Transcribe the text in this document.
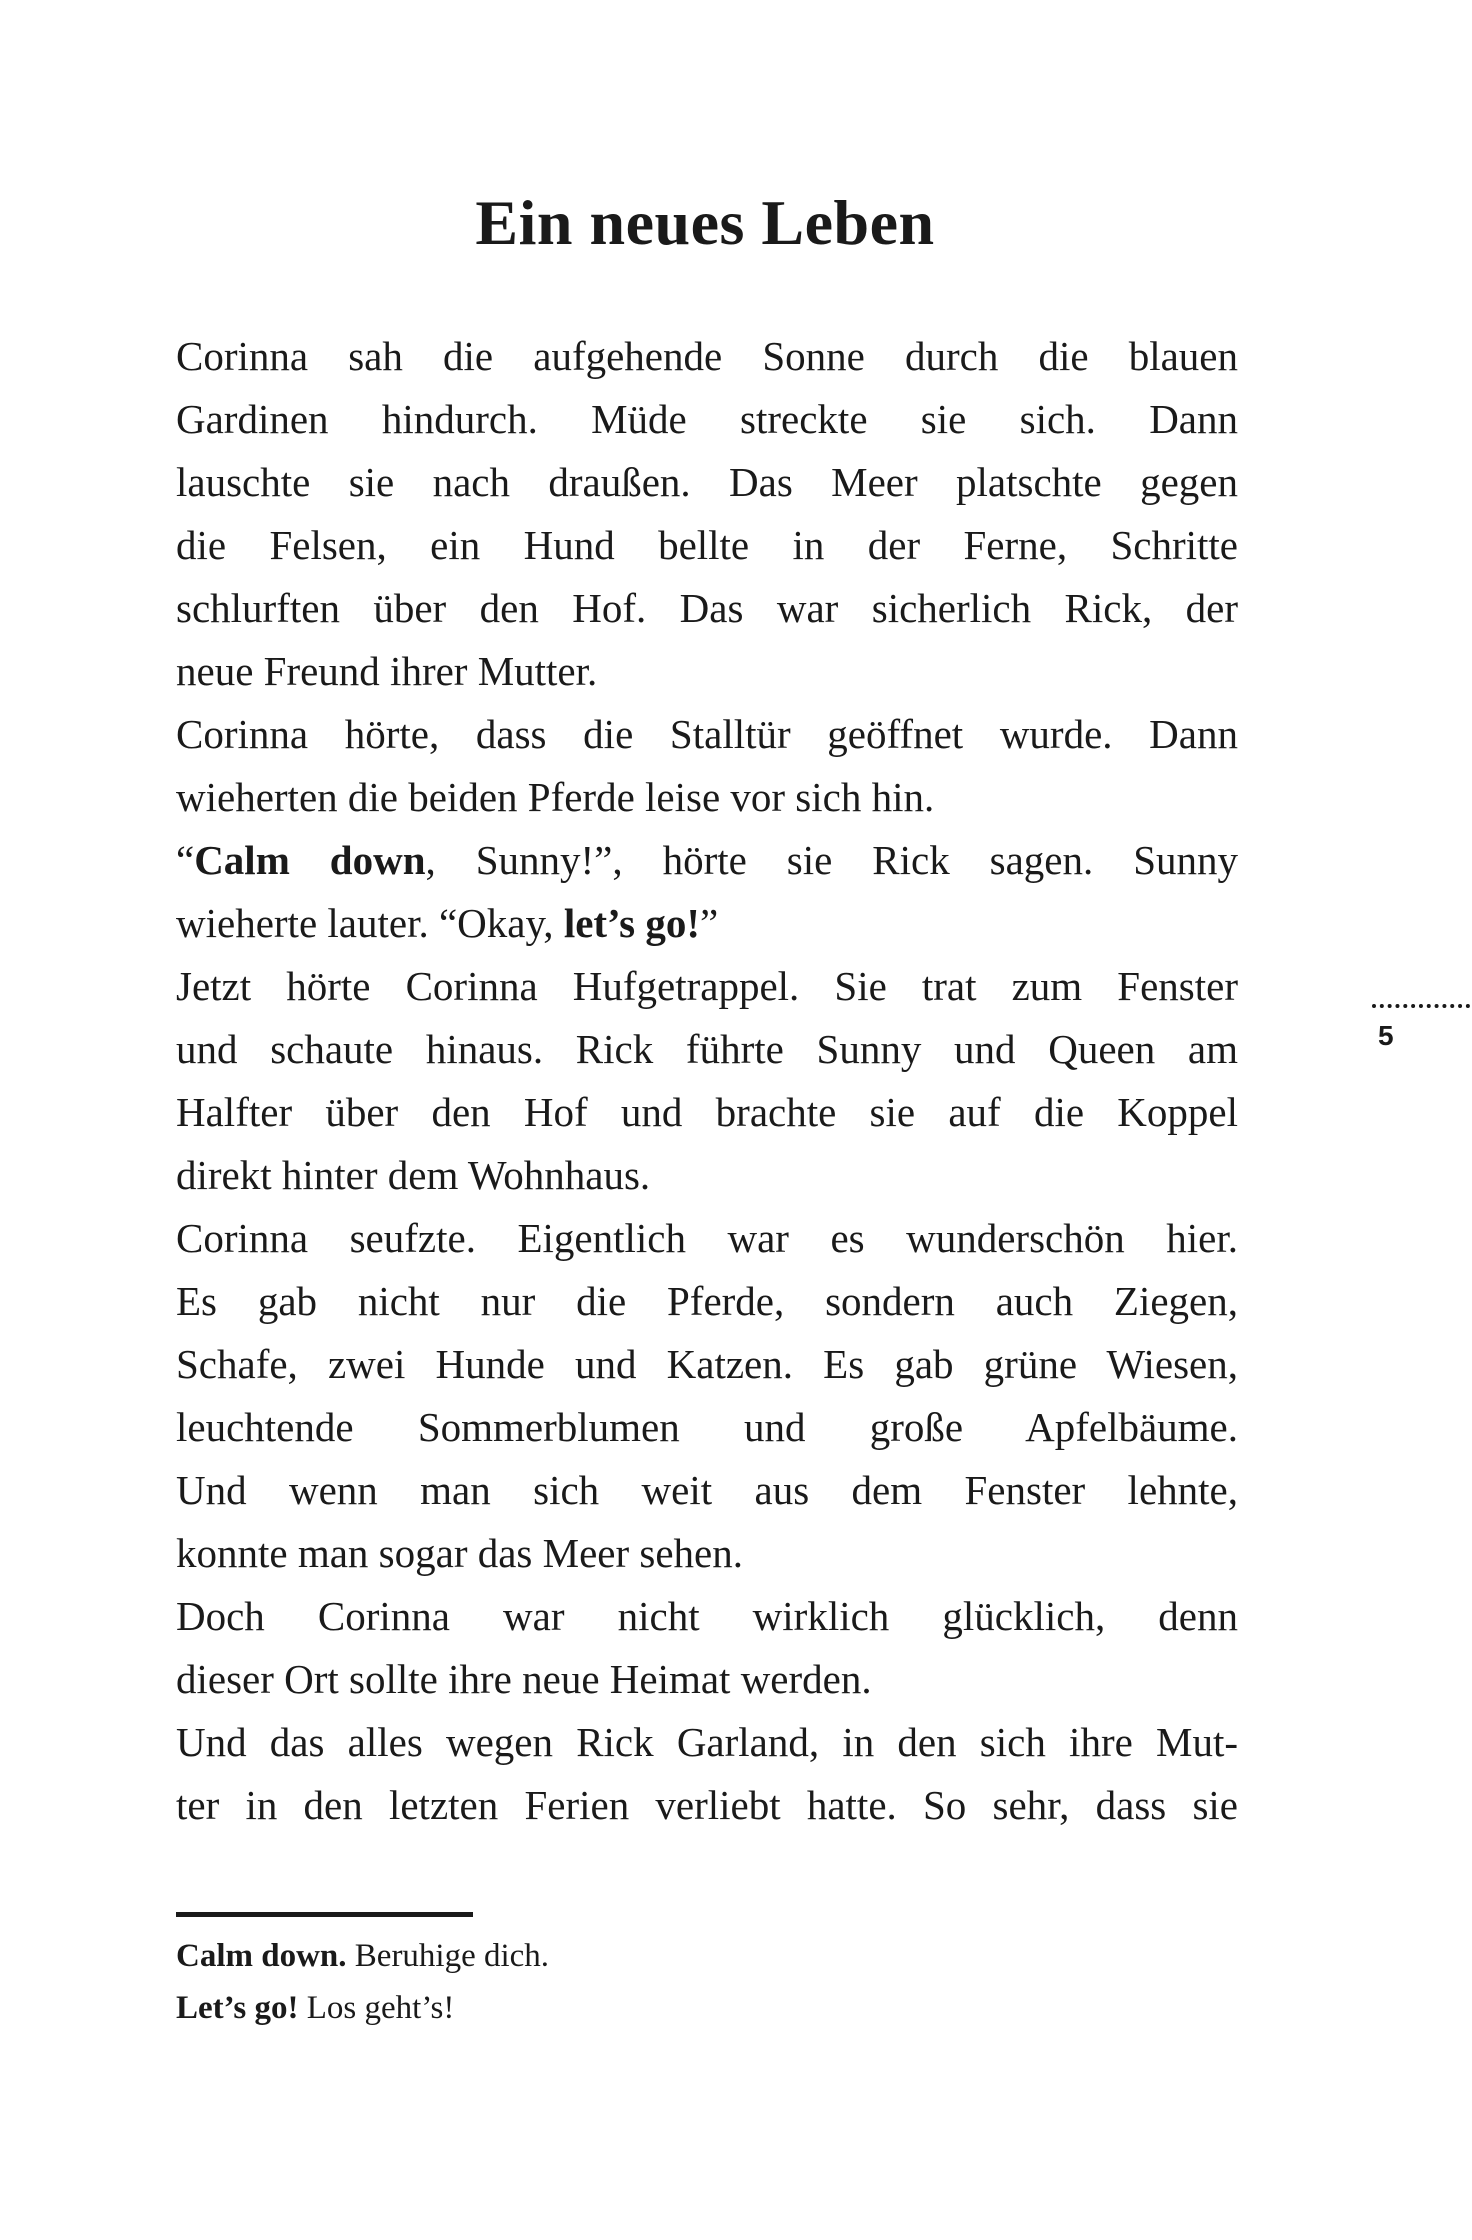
Ein neues Leben
Corinna sah die aufgehende Sonne durch die blauen
Gardinen hindurch. Müde streckte sie sich. Dann
lauschte sie nach draußen. Das Meer platschte gegen
die Felsen, ein Hund bellte in der Ferne, Schritte
schlurften über den Hof. Das war sicherlich Rick, der
neue Freund ihrer Mutter.
Corinna hörte, dass die Stalltür geöffnet wurde. Dann
wieherten die beiden Pferde leise vor sich hin.
“Calm down, Sunny!”, hörte sie Rick sagen. Sunny
wieherte lauter. “Okay, let’s go!”
Jetzt hörte Corinna Hufgetrappel. Sie trat zum Fenster
und schaute hinaus. Rick führte Sunny und Queen am
Halfter über den Hof und brachte sie auf die Koppel
direkt hinter dem Wohnhaus.
Corinna seufzte. Eigentlich war es wunderschön hier.
Es gab nicht nur die Pferde, sondern auch Ziegen,
Schafe, zwei Hunde und Katzen. Es gab grüne Wiesen,
leuchtende Sommerblumen und große Apfelbäume.
Und wenn man sich weit aus dem Fenster lehnte,
konnte man sogar das Meer sehen.
Doch Corinna war nicht wirklich glücklich, denn
dieser Ort sollte ihre neue Heimat werden.
Und das alles wegen Rick Garland, in den sich ihre Mut-
ter in den letzten Ferien verliebt hatte. So sehr, dass sie
5
Calm down. Beruhige dich.
Let’s go! Los geht’s!
